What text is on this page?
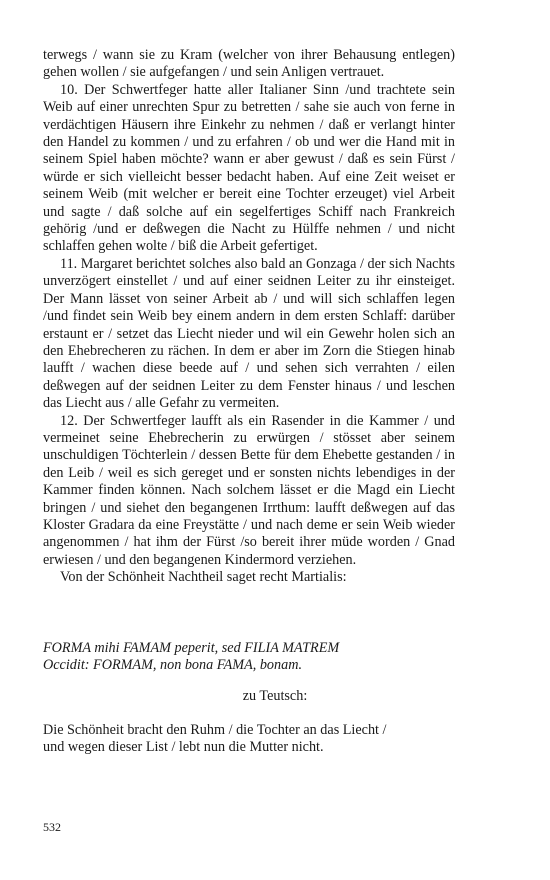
terwegs / wann sie zu Kram (welcher von ihrer Behausung entlegen) gehen wollen / sie aufgefangen / und sein Anligen vertrauet.

10. Der Schwertfeger hatte aller Italianer Sinn /und trachtete sein Weib auf einer unrechten Spur zu betretten / sahe sie auch von ferne in verdächtigen Häusern ihre Einkehr zu nehmen / daß er verlangt hinter den Handel zu kommen / und zu erfahren / ob und wer die Hand mit in seinem Spiel haben möchte? wann er aber gewust / daß es sein Fürst / würde er sich vielleicht besser bedacht haben. Auf eine Zeit weiset er seinem Weib (mit welcher er bereit eine Tochter erzeuget) viel Arbeit und sagte / daß solche auf ein segelfertiges Schiff nach Frankreich gehörig /und er deßwegen die Nacht zu Hülffe nehmen / und nicht schlaffen gehen wolte / biß die Arbeit gefertiget.

11. Margaret berichtet solches also bald an Gonzaga / der sich Nachts unverzögert einstellet / und auf einer seidnen Leiter zu ihr einsteiget. Der Mann lässet von seiner Arbeit ab / und will sich schlaffen legen /und findet sein Weib bey einem andern in dem ersten Schlaff: darüber erstaunt er / setzet das Liecht nieder und wil ein Gewehr holen sich an den Ehebrecheren zu rächen. In dem er aber im Zorn die Stiegen hinab laufft / wachen diese beede auf / und sehen sich verrahten / eilen deßwegen auf der seidnen Leiter zu dem Fenster hinaus / und leschen das Liecht aus / alle Gefahr zu vermeiten.

12. Der Schwertfeger laufft als ein Rasender in die Kammer / und vermeinet seine Ehebrecherin zu erwürgen / stösset aber seinem unschuldigen Töchterlein / dessen Bette für dem Ehebette gestanden / in den Leib / weil es sich gereget und er sonsten nichts lebendiges in der Kammer finden können. Nach solchem lässet er die Magd ein Liecht bringen / und siehet den begangenen Irrthum: laufft deßwegen auf das Kloster Gradara da eine Freystätte / und nach deme er sein Weib wieder angenommen / hat ihm der Fürst /so bereit ihrer müde worden / Gnad erwiesen / und den begangenen Kindermord verziehen.

Von der Schönheit Nachtheil saget recht Martialis:

FORMA mihi FAMAM peperit, sed FILIA MATREM
Occidit: FORMAM, non bona FAMA, bonam.
zu Teutsch:
Die Schönheit bracht den Ruhm / die Tochter an das Liecht /
und wegen dieser List / lebt nun die Mutter nicht.
532
